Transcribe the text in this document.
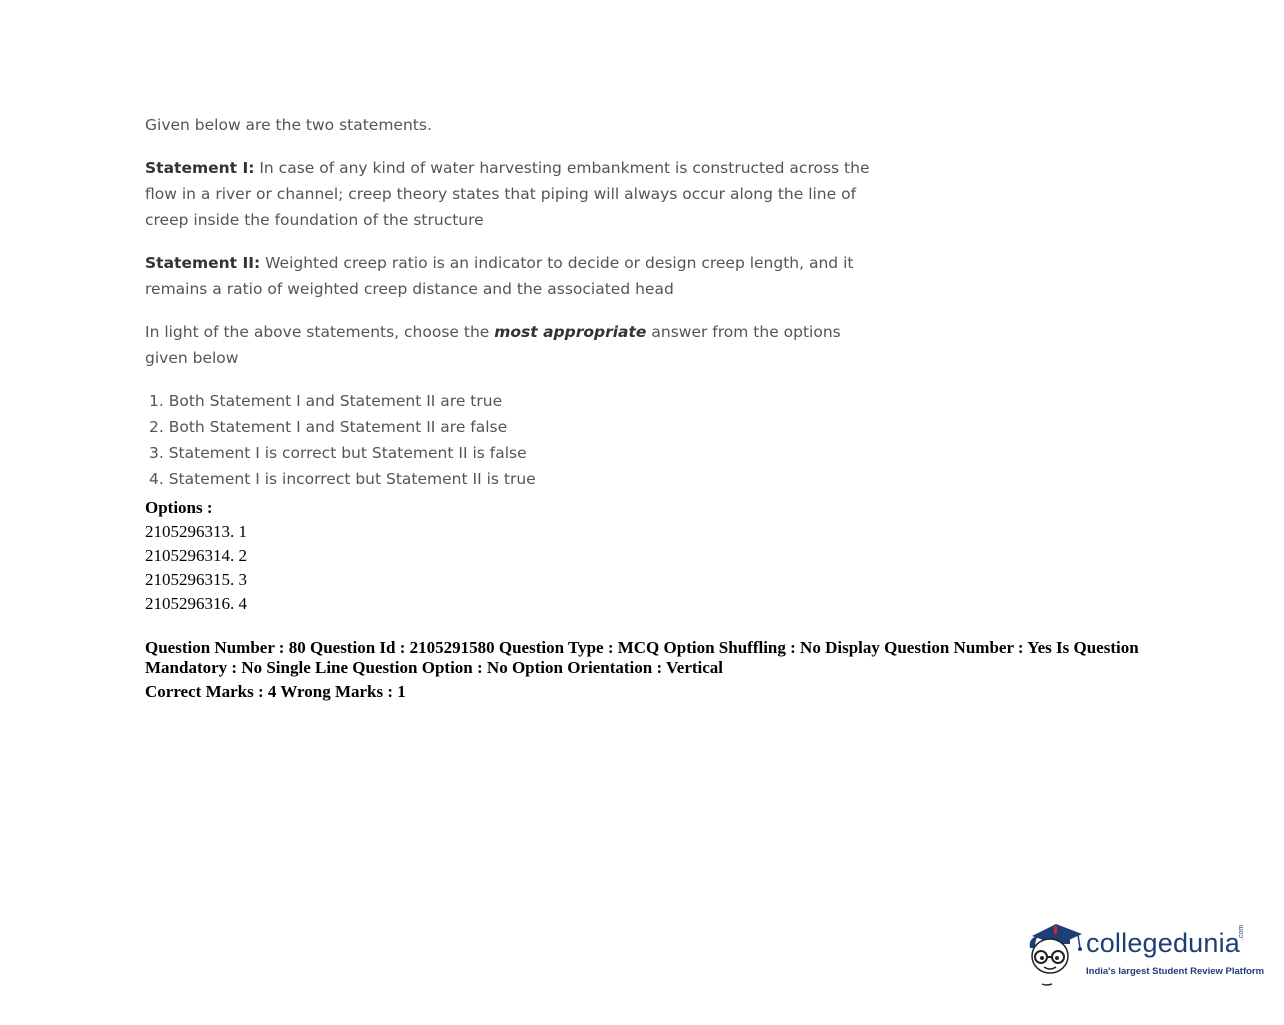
Given below are the two statements.

Statement I: In case of any kind of water harvesting embankment is constructed across the flow in a river or channel; creep theory states that piping will always occur along the line of creep inside the foundation of the structure

Statement II: Weighted creep ratio is an indicator to decide or design creep length, and it remains a ratio of weighted creep distance and the associated head

In light of the above statements, choose the most appropriate answer from the options given below

1. Both Statement I and Statement II are true
2. Both Statement I and Statement II are false
3. Statement I is correct but Statement II is false
4. Statement I is incorrect but Statement II is true
Options :
2105296313. 1
2105296314. 2
2105296315. 3
2105296316. 4
Question Number : 80 Question Id : 2105291580 Question Type : MCQ Option Shuffling : No Display Question Number : Yes Is Question Mandatory : No Single Line Question Option : No Option Orientation : Vertical
Correct Marks : 4 Wrong Marks : 1
collegedunia
.com
India's largest Student Review Platform
